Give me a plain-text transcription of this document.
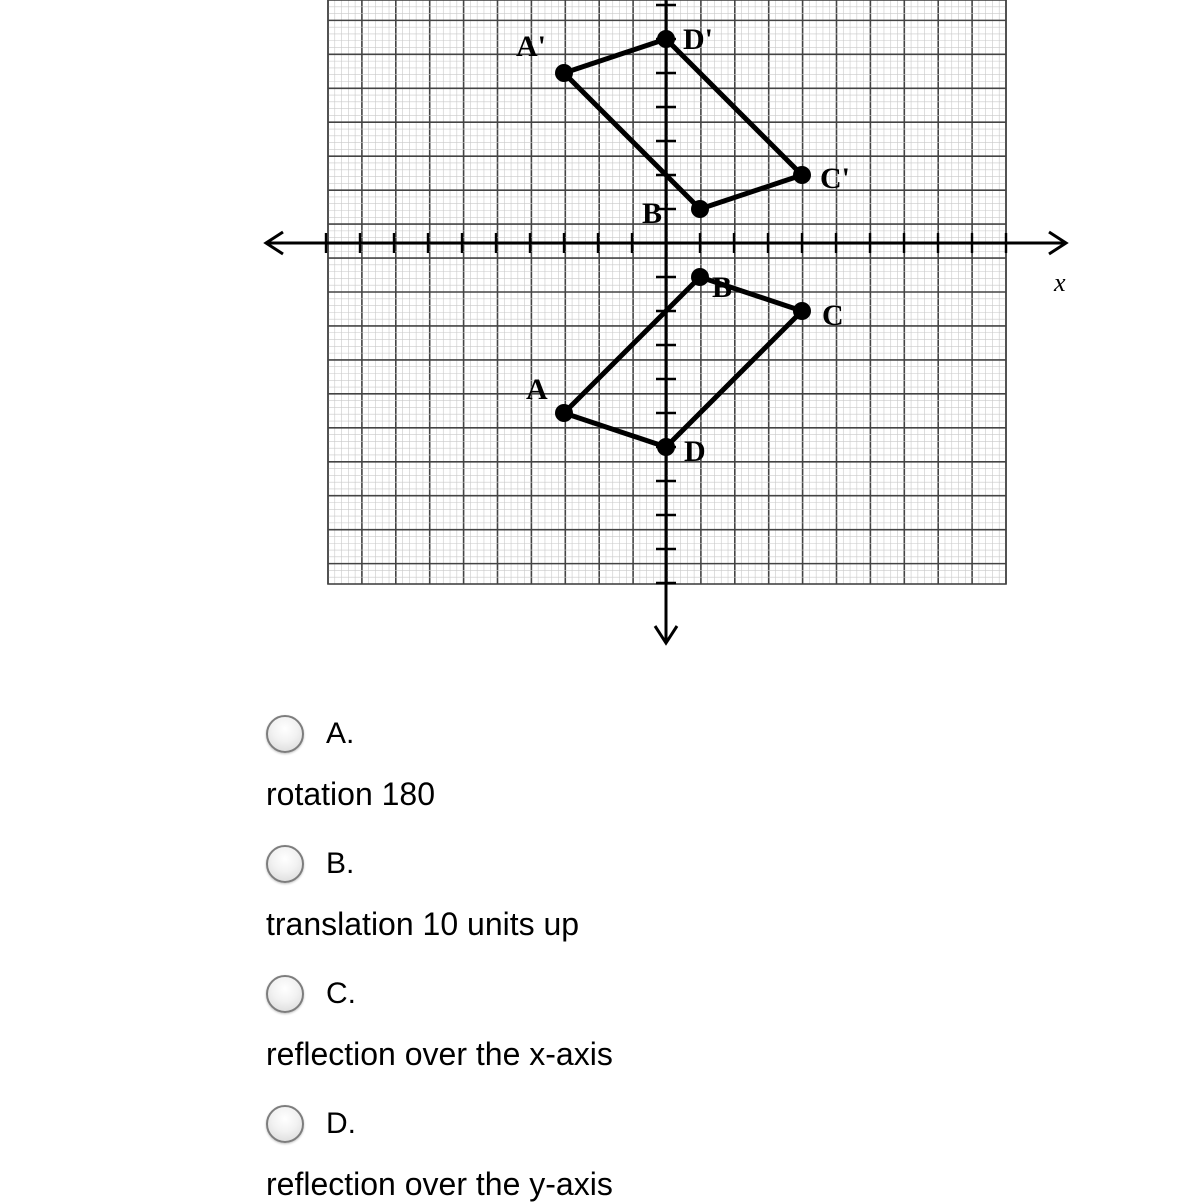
x
A
B
C
D
A'
B'
C'
D'
A.
rotation 180
B.
translation 10 units up
C.
reflection over the x-axis
D.
reflection over the y-axis
